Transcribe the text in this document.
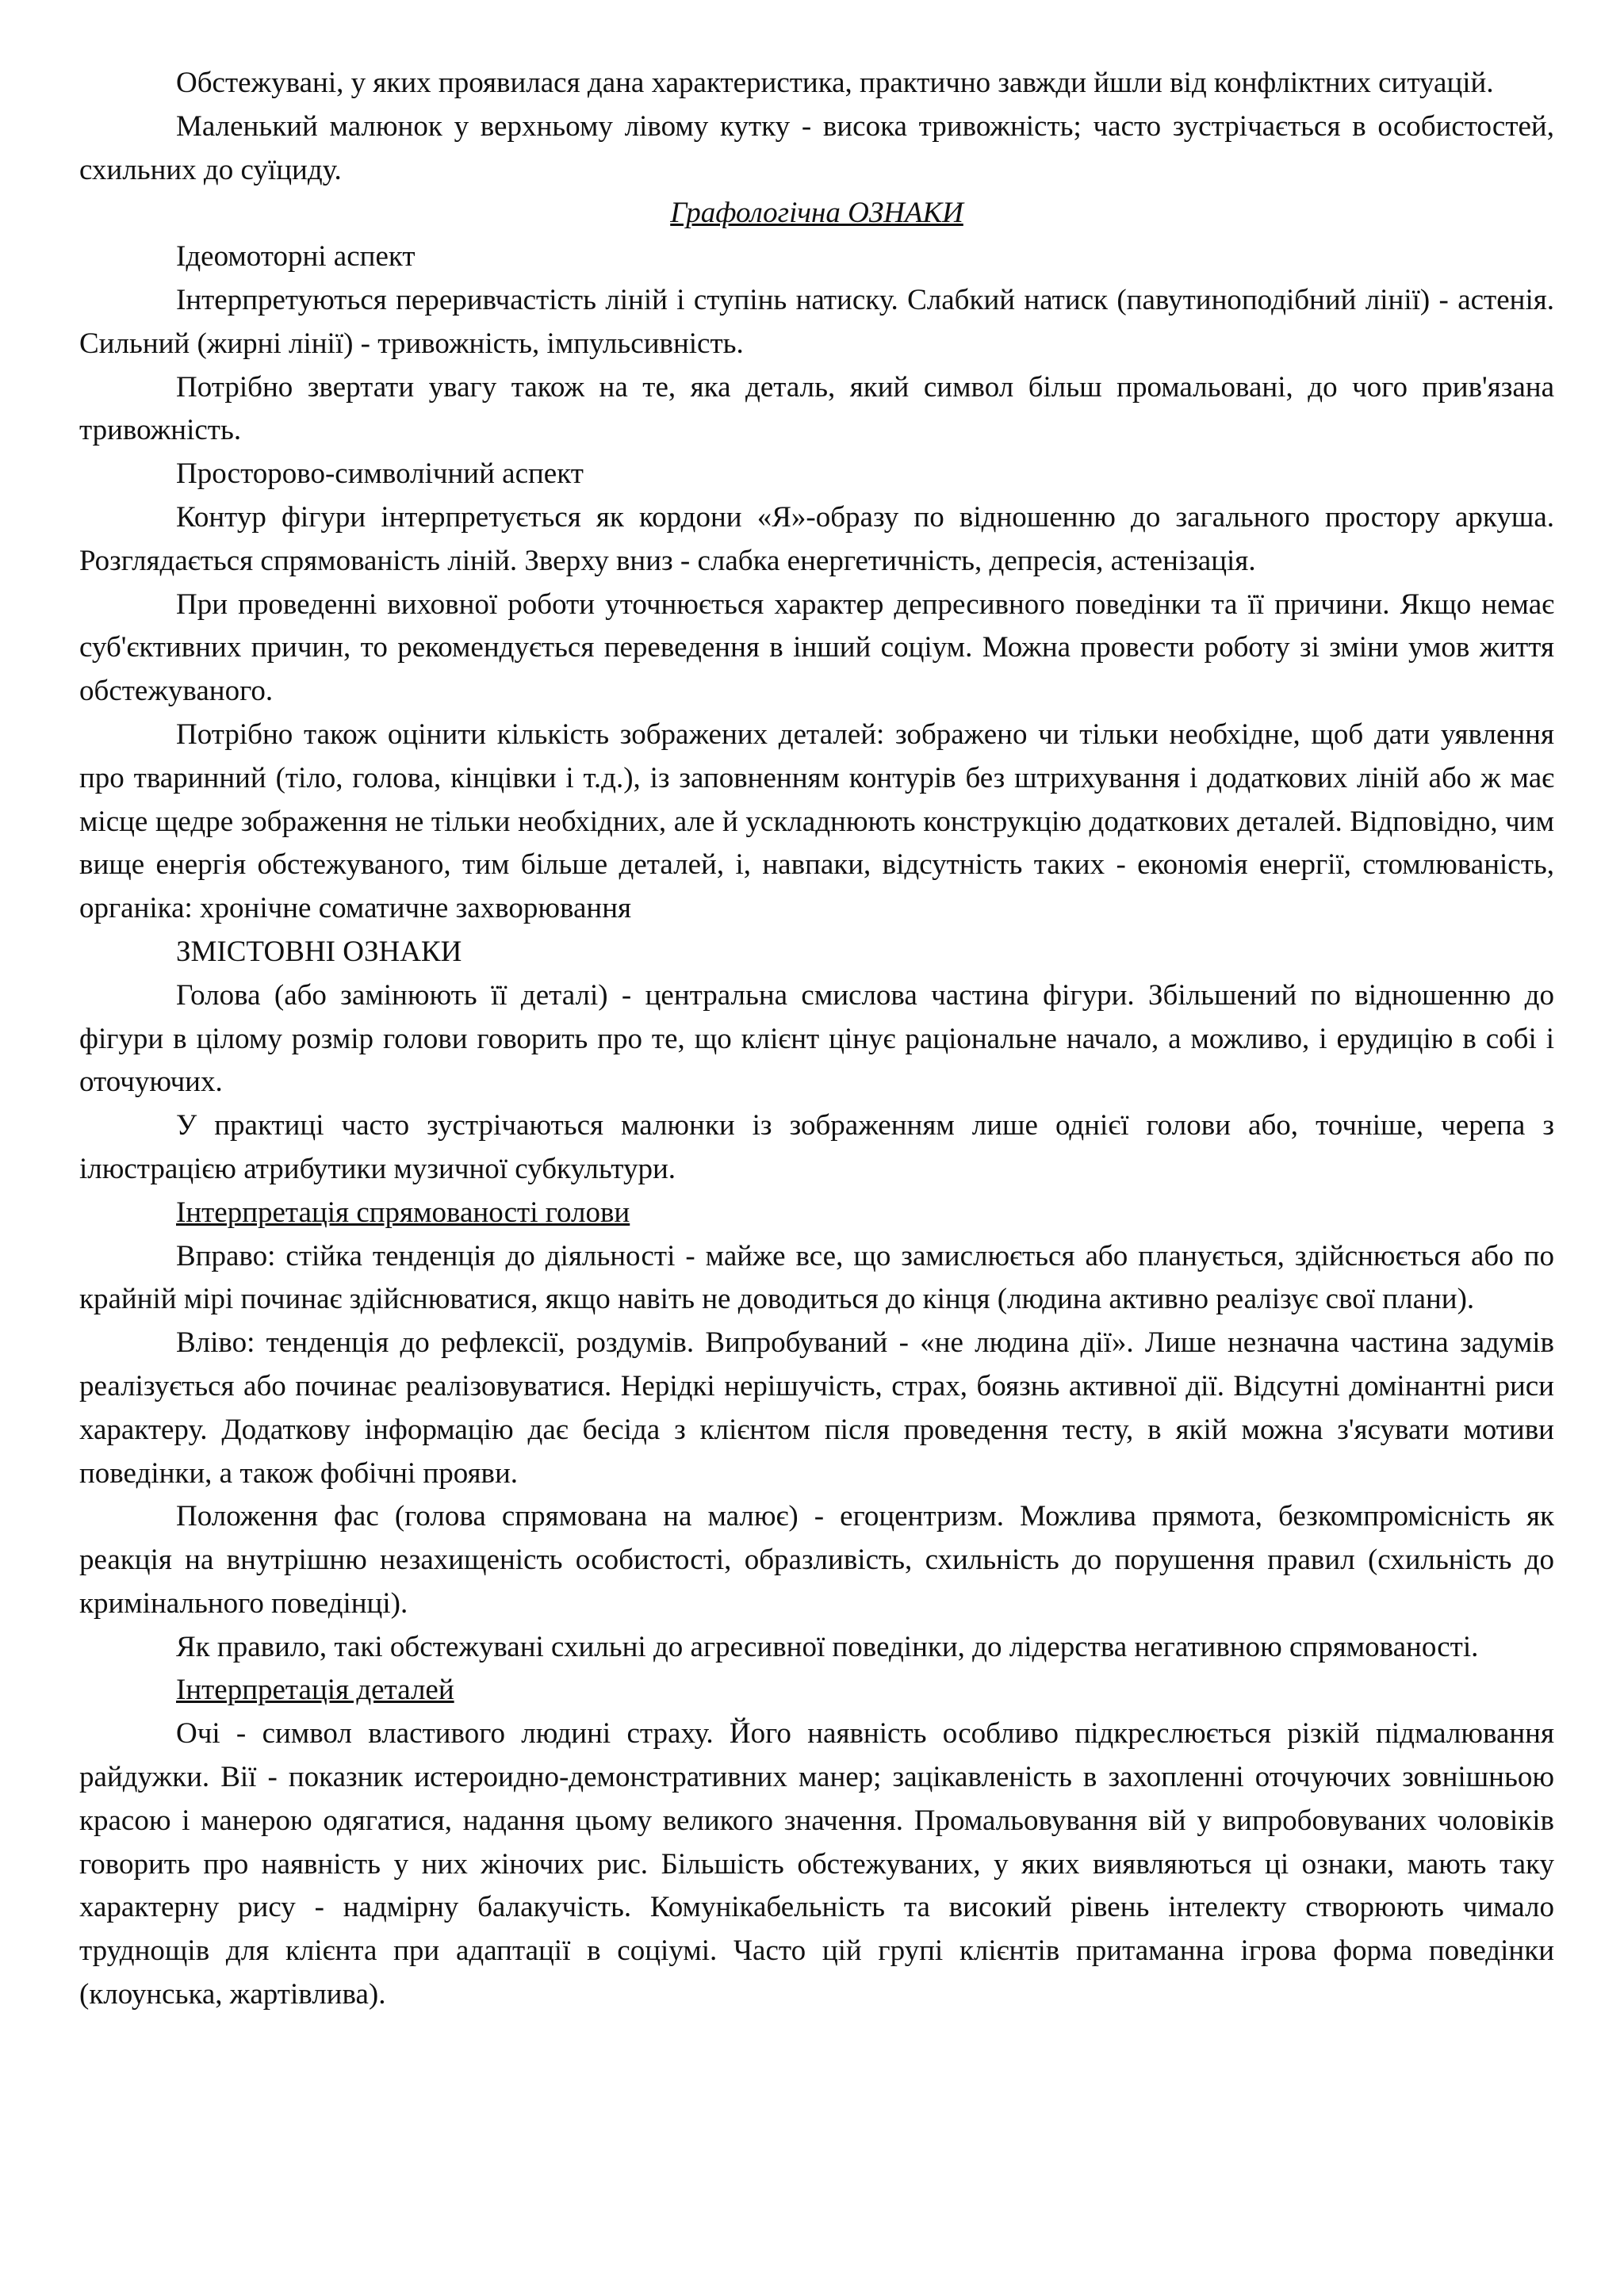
Обстежувані, у яких проявилася дана характеристика, практично завжди йшли від конфліктних ситуацій.

Маленький малюнок у верхньому лівому кутку - висока тривожність; часто зустрічається в особистостей, схильних до суїциду.

Графологічна ОЗНАКИ

Ідеомоторні аспект

Інтерпретуються переривчастість ліній і ступінь натиску. Слабкий натиск (павутиноподібний лінії) - астенія. Сильний (жирні лінії) - тривожність, імпульсивність.

Потрібно звертати увагу також на те, яка деталь, який символ більш промальовані, до чого прив'язана тривожність.

Просторово-символічний аспект

Контур фігури інтерпретується як кордони «Я»-образу по відношенню до загального простору аркуша. Розглядається спрямованість ліній. Зверху вниз - слабка енергетичність, депресія, астенізація.

При проведенні виховної роботи уточнюється характер депресивного поведінки та її причини. Якщо немає суб'єктивних причин, то рекомендується переведення в інший соціум. Можна провести роботу зі зміни умов життя обстежуваного.

Потрібно також оцінити кількість зображених деталей: зображено чи тільки необхідне, щоб дати уявлення про тваринний (тіло, голова, кінцівки і т.д.), із заповненням контурів без штрихування і додаткових ліній або ж має місце щедре зображення не тільки необхідних, але й ускладнюють конструкцію додаткових деталей. Відповідно, чим вище енергія обстежуваного, тим більше деталей, і, навпаки, відсутність таких - економія енергії, стомлюваність, органіка: хронічне соматичне захворювання

ЗМІСТОВНІ ОЗНАКИ

Голова (або замінюють її деталі) - центральна смислова частина фігури. Збільшений по відношенню до фігури в цілому розмір голови говорить про те, що клієнт цінує раціональне начало, а можливо, і ерудицію в собі і оточуючих.

У практиці часто зустрічаються малюнки із зображенням лише однієї голови або, точніше, черепа з ілюстрацією атрибутики музичної субкультури.

Інтерпретація спрямованості голови

Вправо: стійка тенденція до діяльності - майже все, що замислюється або планується, здійснюється або по крайній мірі починає здійснюватися, якщо навіть не доводиться до кінця (людина активно реалізує свої плани).

Вліво: тенденція до рефлексії, роздумів. Випробуваний - «не людина дії». Лише незначна частина задумів реалізується або починає реалізовуватися. Нерідкі нерішучість, страх, боязнь активної дії. Відсутні домінантні риси характеру. Додаткову інформацію дає бесіда з клієнтом після проведення тесту, в якій можна з'ясувати мотиви поведінки, а також фобічні прояви.

Положення фас (голова спрямована на малює) - егоцентризм. Можлива прямота, безкомпромісність як реакція на внутрішню незахищеність особистості, образливість, схильність до порушення правил (схильність до кримінального поведінці).

Як правило, такі обстежувані схильні до агресивної поведінки, до лідерства негативною спрямованості.

Інтерпретація деталей

Очі - символ властивого людині страху. Його наявність особливо підкреслюється різкій підмалювання райдужки. Вії - показник истероидно-демонстративних манер; зацікавленість в захопленні оточуючих зовнішньою красою і манерою одягатися, надання цьому великого значення. Промальовування вій у випробовуваних чоловіків говорить про наявність у них жіночих рис. Більшість обстежуваних, у яких виявляються ці ознаки, мають таку характерну рису - надмірну балакучість. Комунікабельність та високий рівень інтелекту створюють чимало труднощів для клієнта при адаптації в соціумі. Часто цій групі клієнтів притаманна ігрова форма поведінки (клоунська, жартівлива).
